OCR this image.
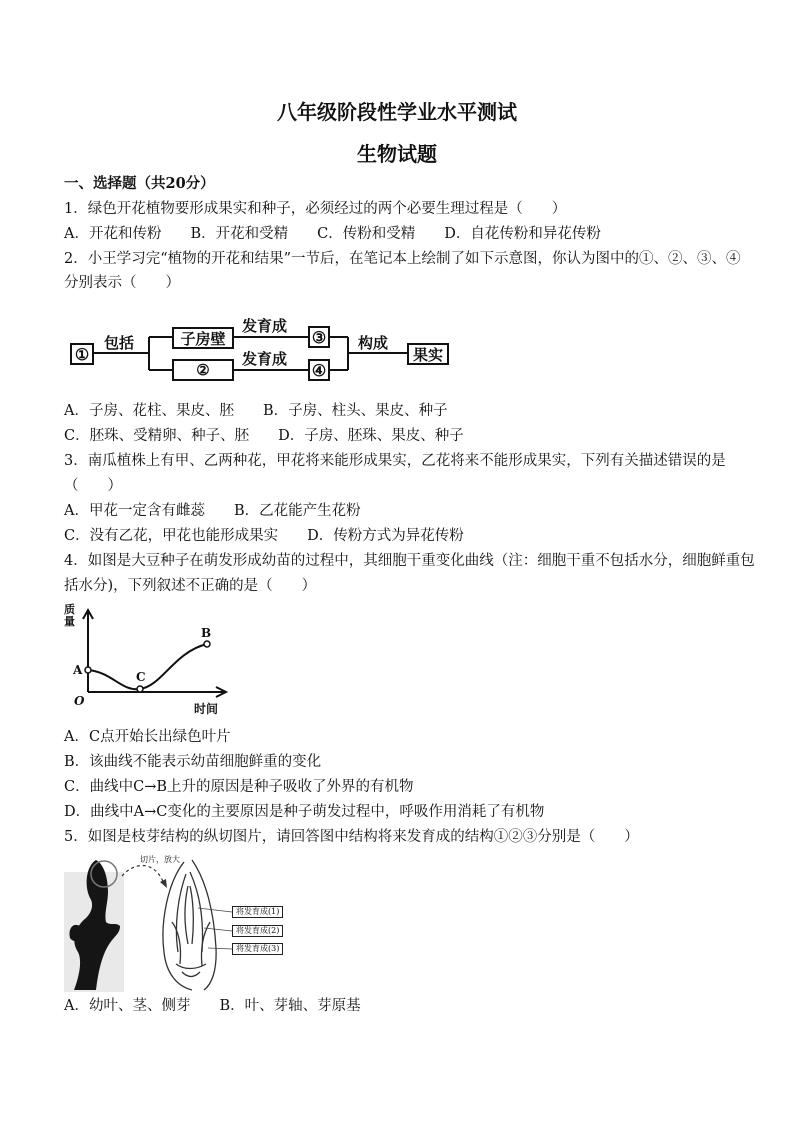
八年级阶段性学业水平测试
生物试题
一、选择题（共20分）
1．绿色开花植物要形成果实和种子，必须经过的两个必要生理过程是（　　）
A．开花和传粉　　B．开花和受精　　C．传粉和受精　　D．自花传粉和异花传粉
2．小王学习完“植物的开花和结果”一节后，在笔记本上绘制了如下示意图，你认为图中的①、②、③、④
分别表示（　　）
①
包括	子房壁
②
发育成
发育成
③
④
构成
果实
A．子房、花柱、果皮、胚　　B．子房、柱头、果皮、种子
C．胚珠、受精卵、种子、胚　　D．子房、胚珠、果皮、种子
3．南瓜植株上有甲、乙两种花，甲花将来能形成果实，乙花将来不能形成果实，下列有关描述错误的是
（　　）
A．甲花一定含有雌蕊　　B．乙花能产生花粉
C．没有乙花，甲花也能形成果实　　D．传粉方式为异花传粉
4．如图是大豆种子在萌发形成幼苗的过程中，其细胞干重变化曲线（注：细胞干重不包括水分，细胞鲜重包
括水分)，下列叙述不正确的是（　　）
质量
时间
O
A	C
B
A．C点开始长出绿色叶片
B．该曲线不能表示幼苗细胞鲜重的变化
C．曲线中C→B上升的原因是种子吸收了外界的有机物
D．曲线中A→C变化的主要原因是种子萌发过程中，呼吸作用消耗了有机物
5．如图是枝芽结构的纵切图片，请回答图中结构将来发育成的结构①②③分别是（　　）
切片，放大
将发育成(1)
将发育成(2)
将发育成(3)
A．幼叶、茎、侧芽　　B．叶、芽轴、芽原基
